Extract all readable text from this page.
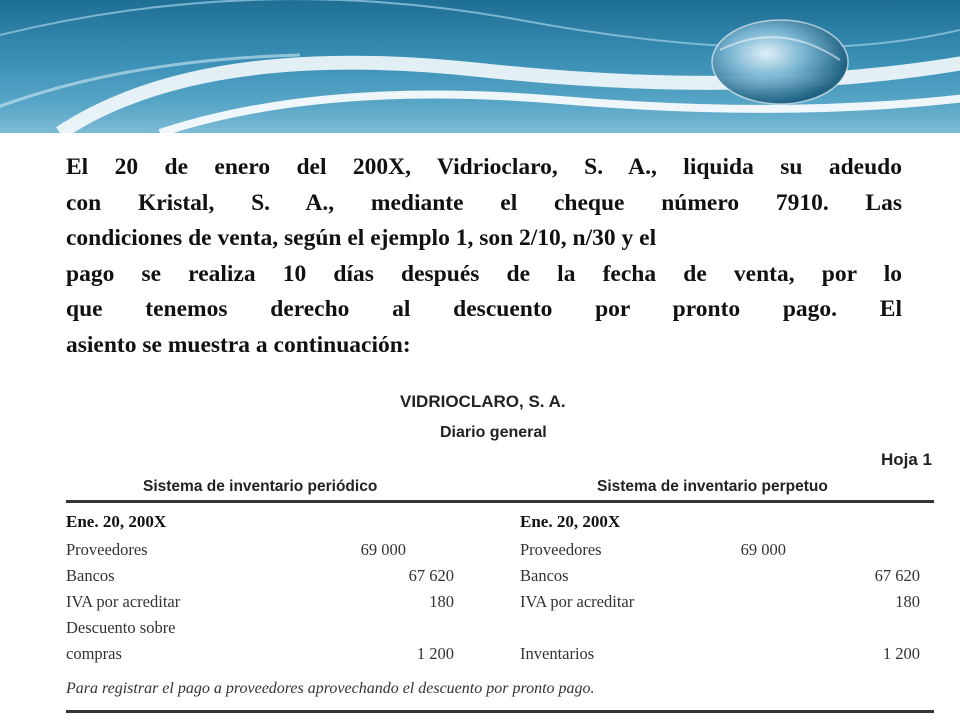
El 20 de enero del 200X, Vidrioclaro, S. A., liquida su adeudo
con Kristal, S. A., mediante el cheque número 7910. Las
condiciones de venta, según el ejemplo 1, son 2/10, n/30 y el
pago se realiza 10 días después de la fecha de venta, por lo
que tenemos derecho al descuento por pronto pago. El
asiento se muestra a continuación:
VIDRIOCLARO, S. A.
Diario general
Hoja 1
Sistema de inventario periódico	Sistema de inventario perpetuo
Ene. 20, 200X
Proveedores	69 000
Bancos	67 620
IVA por acreditar	180
Descuento sobre
compras	1 200
Ene. 20, 200X
Proveedores	69 000
Bancos	67 620
IVA por acreditar	180
Inventarios	1 200
Para registrar el pago a proveedores aprovechando el descuento por pronto pago.
